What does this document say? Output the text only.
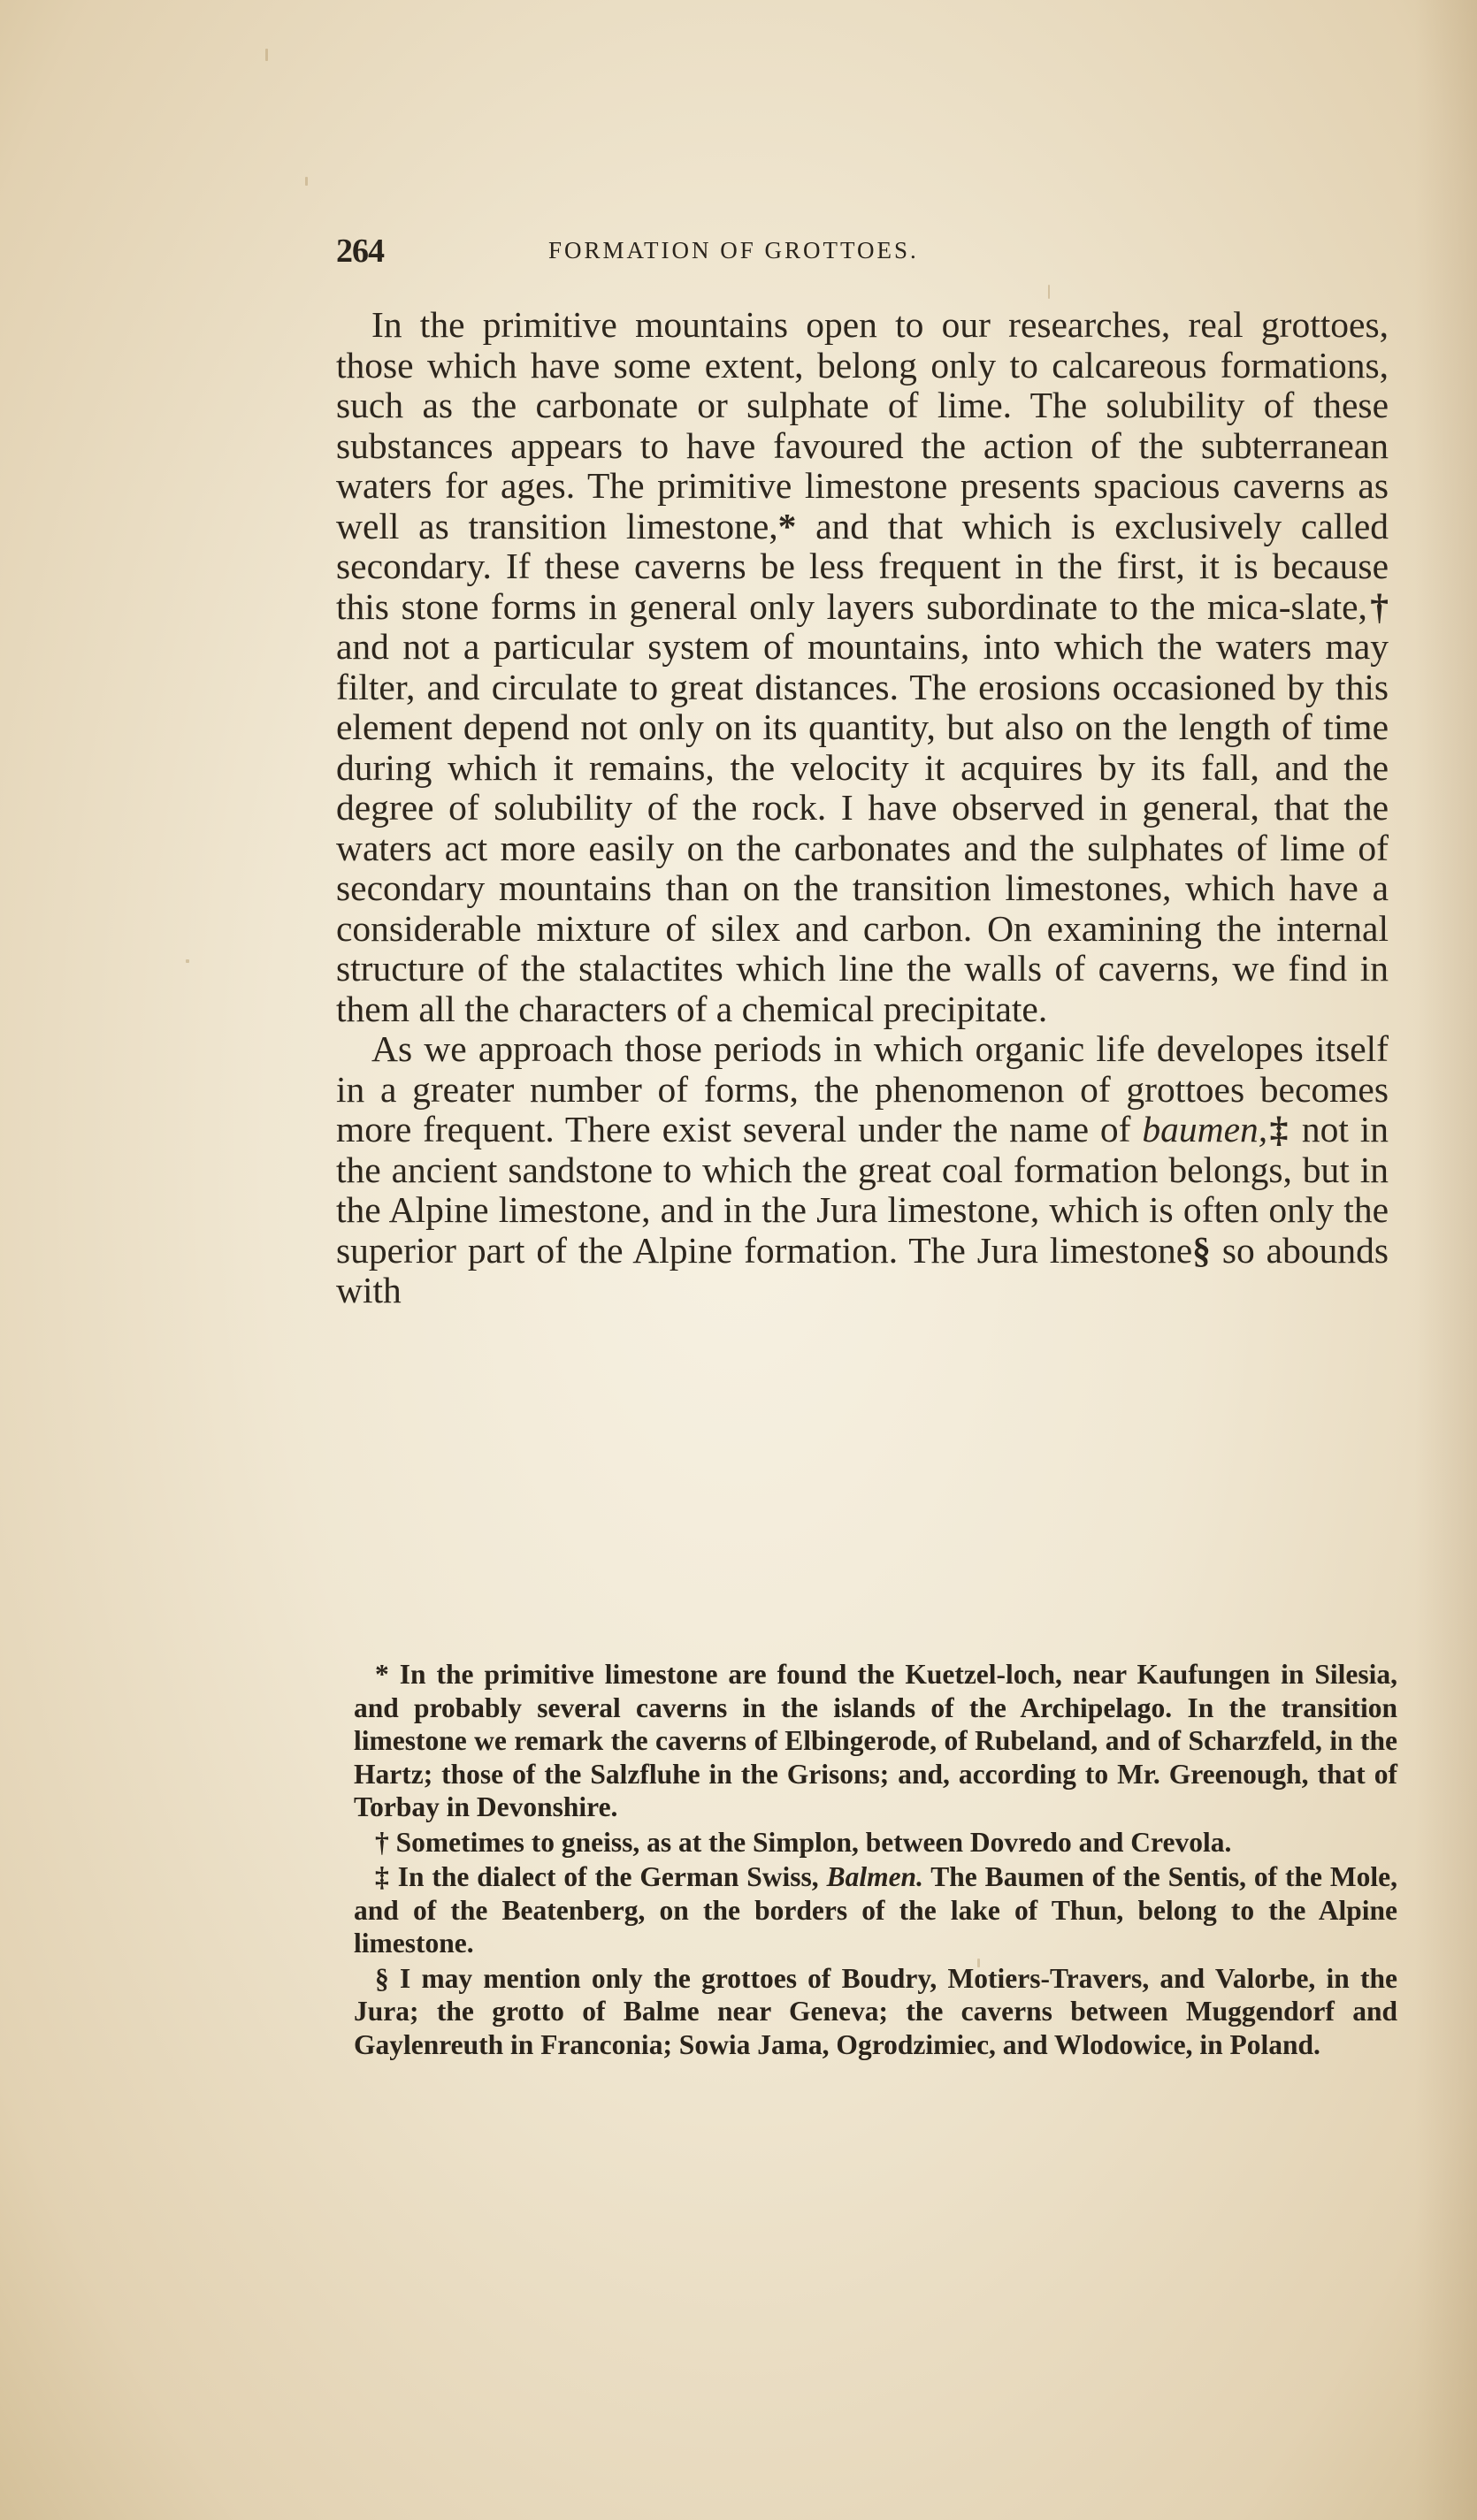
264	FORMATION OF GROTTOES.

In the primitive mountains open to our researches, real grottoes, those which have some extent, belong only to calcareous formations, such as the carbonate or sulphate of lime. The solubility of these substances appears to have favoured the action of the subterranean waters for ages. The primitive limestone presents spacious caverns as well as transition limestone,* and that which is exclusively called secondary. If these caverns be less frequent in the first, it is because this stone forms in general only layers subordinate to the mica-slate,† and not a particular system of mountains, into which the waters may filter, and circulate to great distances. The erosions occasioned by this element depend not only on its quantity, but also on the length of time during which it remains, the velocity it acquires by its fall, and the degree of solubility of the rock. I have observed in general, that the waters act more easily on the carbonates and the sulphates of lime of secondary mountains than on the transition limestones, which have a considerable mixture of silex and carbon. On examining the internal structure of the stalactites which line the walls of caverns, we find in them all the characters of a chemical precipitate.

As we approach those periods in which organic life developes itself in a greater number of forms, the phenomenon of grottoes becomes more frequent. There exist several under the name of baumen,‡ not in the ancient sandstone to which the great coal formation belongs, but in the Alpine limestone, and in the Jura limestone, which is often only the superior part of the Alpine formation. The Jura limestone§ so abounds with

* In the primitive limestone are found the Kuetzel-loch, near Kaufungen in Silesia, and probably several caverns in the islands of the Archipelago. In the transition limestone we remark the caverns of Elbingerode, of Rubeland, and of Scharzfeld, in the Hartz; those of the Salzfluhe in the Grisons; and, according to Mr. Greenough, that of Torbay in Devonshire.

† Sometimes to gneiss, as at the Simplon, between Dovredo and Crevola.

‡ In the dialect of the German Swiss, Balmen. The Baumen of the Sentis, of the Mole, and of the Beatenberg, on the borders of the lake of Thun, belong to the Alpine limestone.

§ I may mention only the grottoes of Boudry, Motiers-Travers, and Valorbe, in the Jura; the grotto of Balme near Geneva; the caverns between Muggendorf and Gaylenreuth in Franconia; Sowia Jama, Ogrodzimiec, and Wlodowice, in Poland.
